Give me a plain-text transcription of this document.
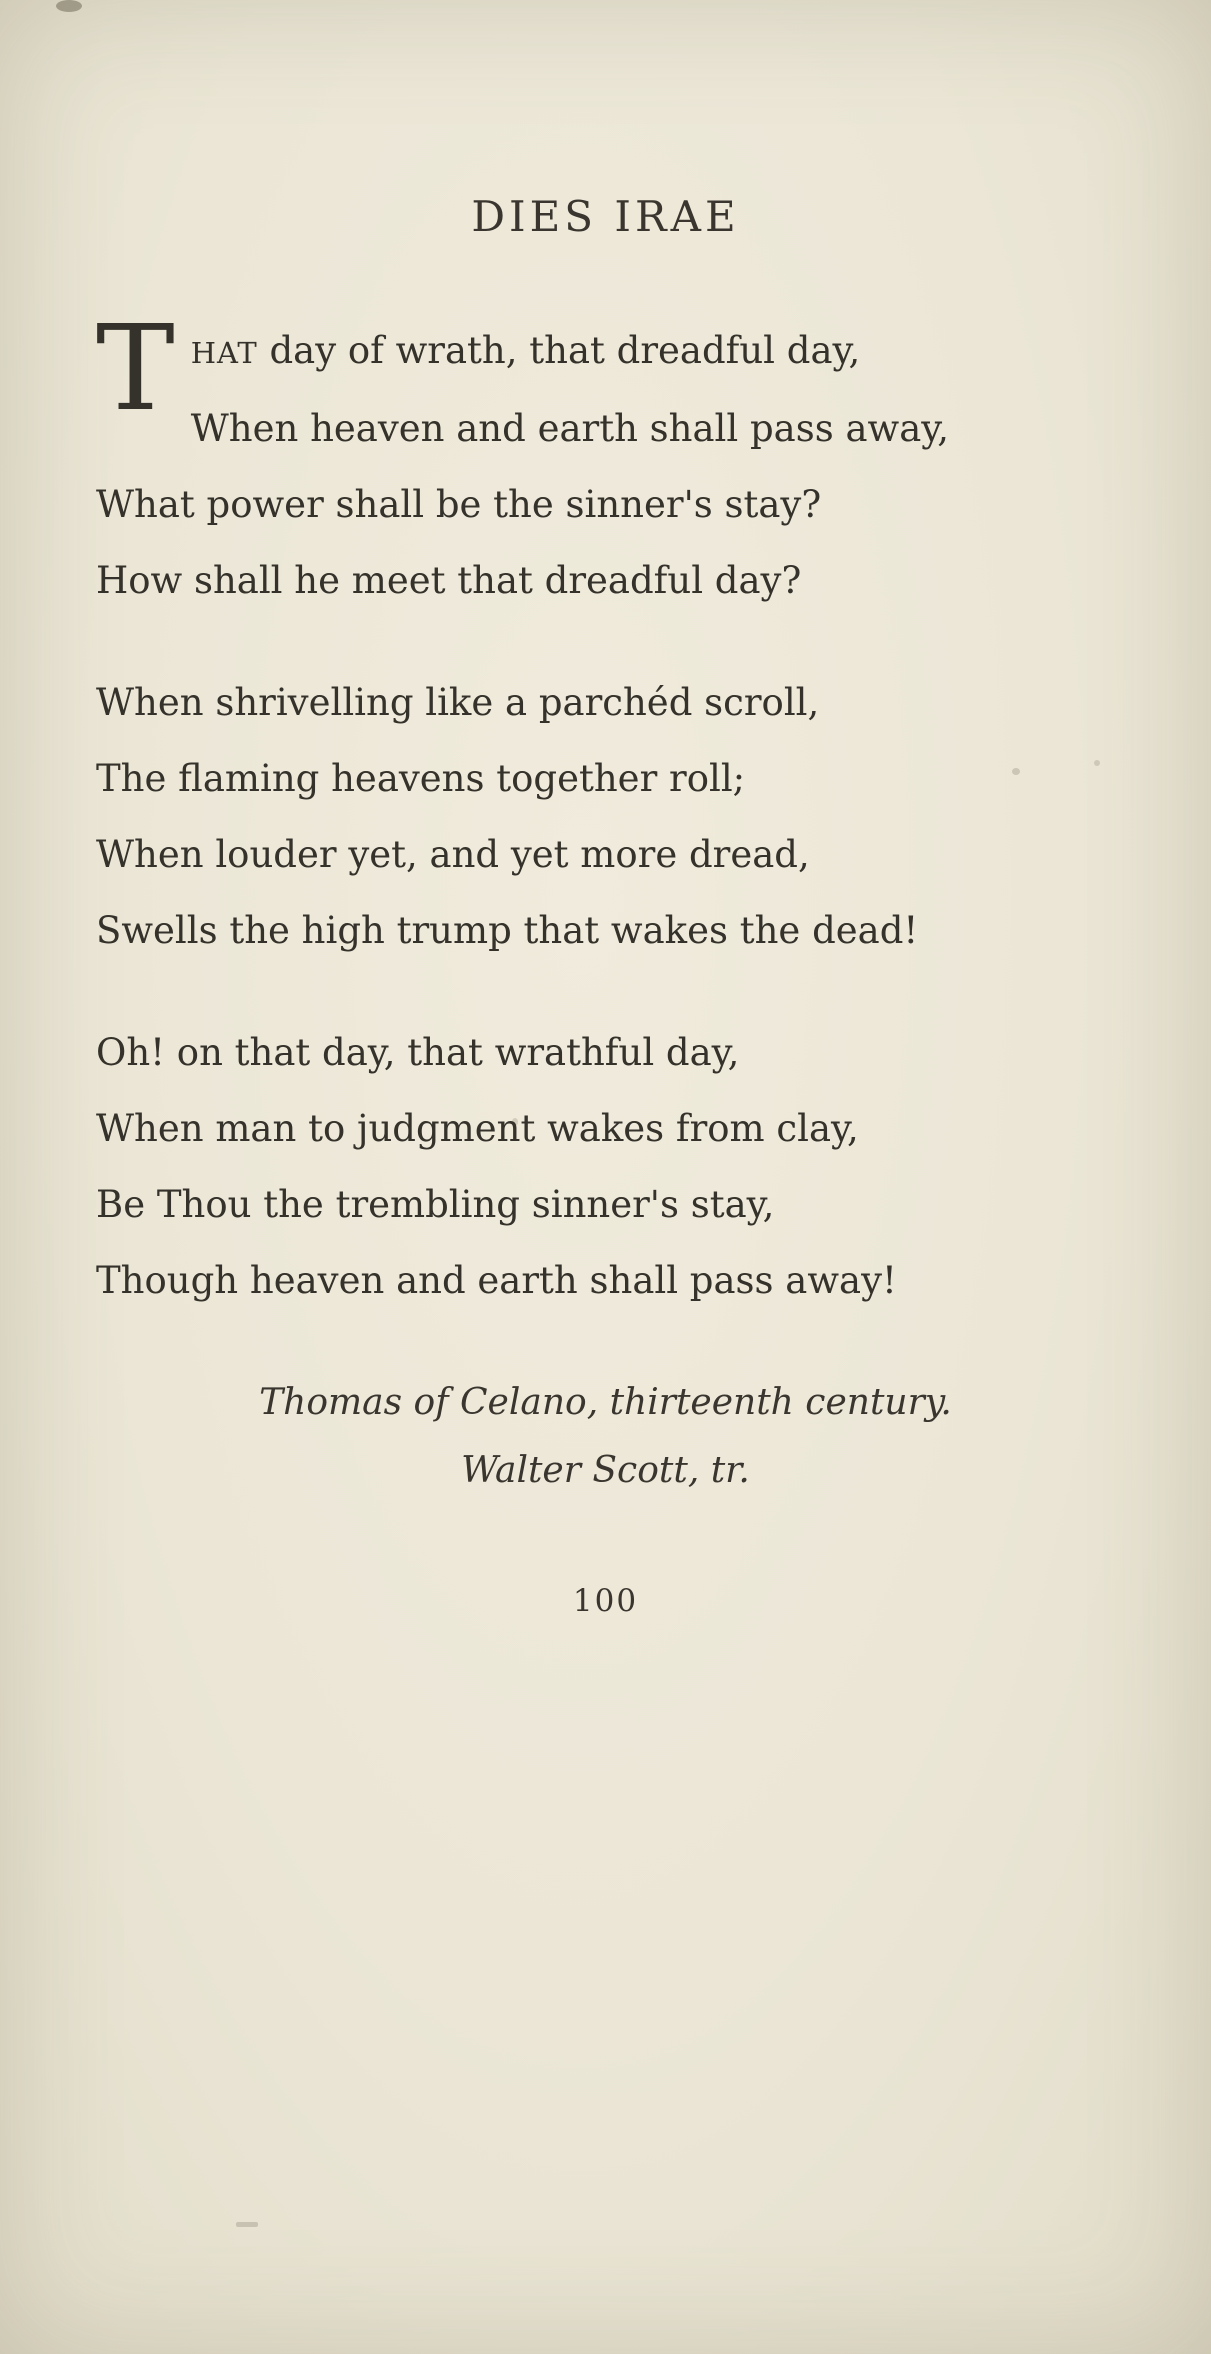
DIES IRAE

THAT day of wrath, that dreadful day,

When heaven and earth shall pass away,

What power shall be the sinner's stay?

How shall he meet that dreadful day?

When shrivelling like a parchéd scroll,

The flaming heavens together roll;

When louder yet, and yet more dread,

Swells the high trump that wakes the dead!

Oh! on that day, that wrathful day,

When man to judgment wakes from clay,

Be Thou the trembling sinner's stay,

Though heaven and earth shall pass away!

Thomas of Celano, thirteenth century.

Walter Scott, tr.

100
